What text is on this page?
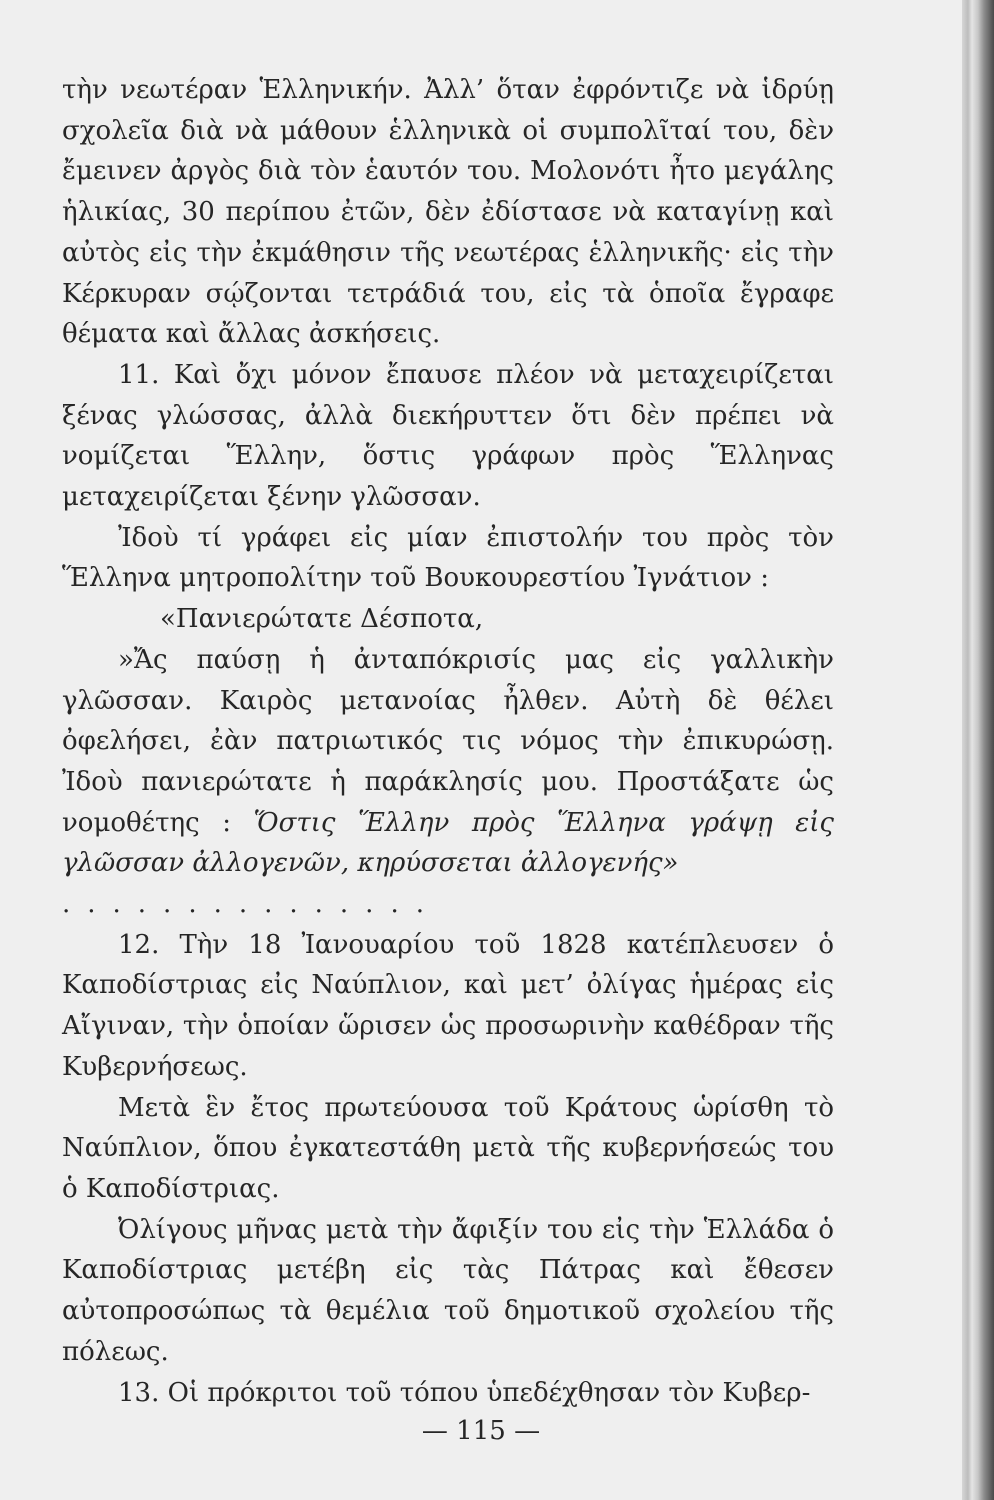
τὴν νεωτέραν Ἑλληνικήν. Ἀλλ’ ὅταν ἐφρόντιζε νὰ ἱδρύῃ σχολεῖα διὰ νὰ μάθουν ἑλληνικὰ οἱ συμπολῖταί του, δὲν ἔμεινεν ἀργὸς διὰ τὸν ἑαυτόν του. Μολονότι ἦτο μεγάλης ἡλικίας, 30 περίπου ἐτῶν, δὲν ἐδίστασε νὰ καταγίνῃ καὶ αὐτὸς εἰς τὴν ἐκμάθησιν τῆς νεωτέρας ἑλληνικῆς· εἰς τὴν Κέρκυραν σῴζονται τετράδιά του, εἰς τὰ ὁποῖα ἔγραφε θέματα καὶ ἄλλας ἀσκήσεις.

11. Καὶ ὄχι μόνον ἔπαυσε πλέον νὰ μεταχειρίζεται ξένας γλώσσας, ἀλλὰ διεκήρυττεν ὅτι δὲν πρέπει νὰ νομίζεται Ἕλλην, ὅστις γράφων πρὸς Ἕλληνας μεταχειρίζεται ξένην γλῶσσαν.

Ἰδοὺ τί γράφει εἰς μίαν ἐπιστολήν του πρὸς τὸν Ἕλληνα μητροπολίτην τοῦ Βουκουρεστίου Ἰγνάτιον :

«Πανιερώτατε Δέσποτα,

»Ἄς παύσῃ ἡ ἀνταπόκρισίς μας εἰς γαλλικὴν γλῶσσαν. Καιρὸς μετανοίας ἦλθεν. Αὐτὴ δὲ θέλει ὀφελήσει, ἐὰν πατριωτικός τις νόμος τὴν ἐπικυρώσῃ. Ἰδοὺ πανιερώτατε ἡ παράκλησίς μου. Προστάξατε ὡς νομοθέτης : Ὅστις Ἕλλην πρὸς Ἕλληνα γράψῃ εἰς γλῶσσαν ἀλλογενῶν, κηρύσσεται ἀλλογενής»

...............

12. Τὴν 18 Ἰανουαρίου τοῦ 1828 κατέπλευσεν ὁ Καποδίστριας εἰς Ναύπλιον, καὶ μετ’ ὀλίγας ἡμέρας εἰς Αἴγιναν, τὴν ὁποίαν ὥρισεν ὡς προσωρινὴν καθέδραν τῆς Κυβερνήσεως.

Μετὰ ἓν ἔτος πρωτεύουσα τοῦ Κράτους ὡρίσθη τὸ Ναύπλιον, ὅπου ἐγκατεστάθη μετὰ τῆς κυβερνήσεώς του ὁ Καποδίστριας.

Ὀλίγους μῆνας μετὰ τὴν ἄφιξίν του εἰς τὴν Ἑλλάδα ὁ Καποδίστριας μετέβη εἰς τὰς Πάτρας καὶ ἔθεσεν αὐτοπροσώπως τὰ θεμέλια τοῦ δημοτικοῦ σχολείου τῆς πόλεως.

13. Οἱ πρόκριτοι τοῦ τόπου ὑπεδέχθησαν τὸν Κυβερ-

— 115 —
